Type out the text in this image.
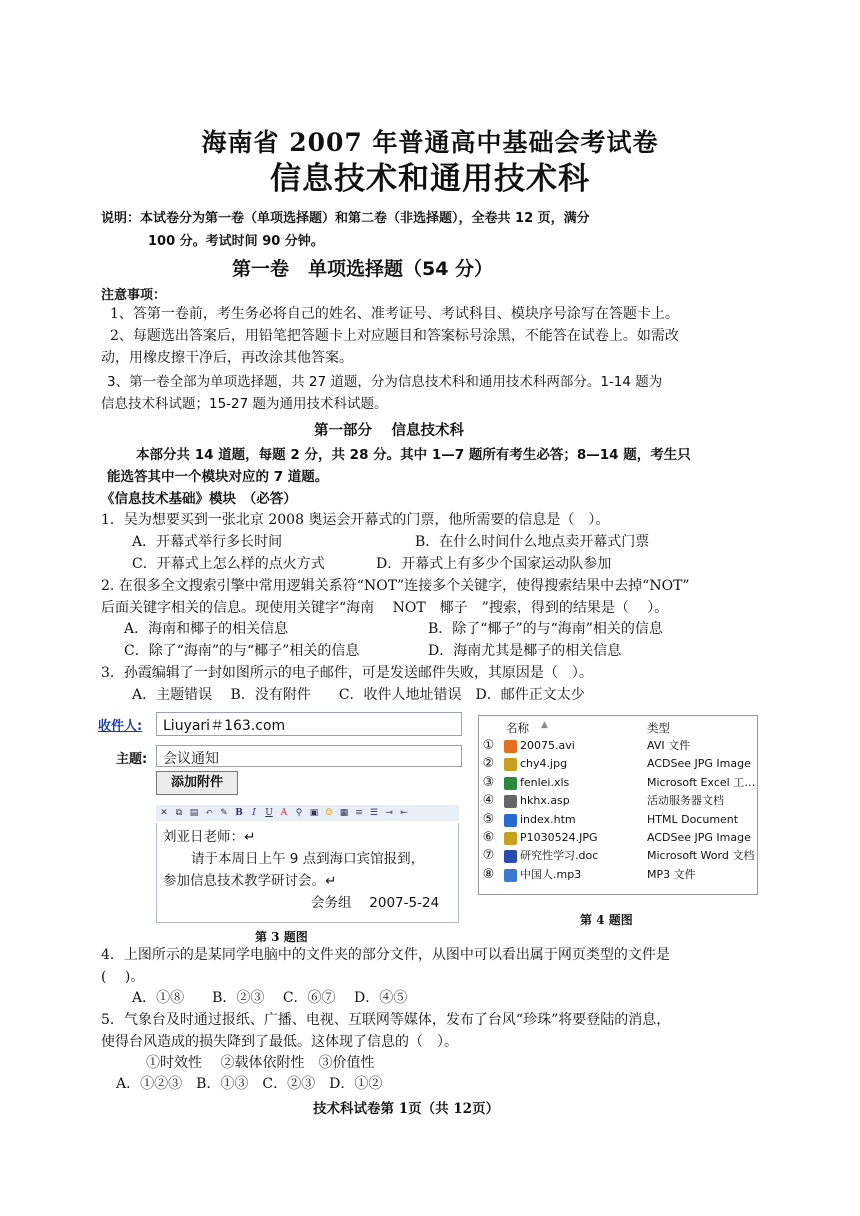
海南省 2007 年普通高中基础会考试卷
信息技术和通用技术科
说明：本试卷分为第一卷（单项选择题）和第二卷（非选择题），全卷共 12 页，满分
100 分。考试时间 90 分钟。
第一卷　单项选择题（54 分）
注意事项：
1、答第一卷前，考生务必将自己的姓名、准考证号、考试科目、模块序号涂写在答题卡上。
2、每题选出答案后，用铅笔把答题卡上对应题目和答案标号涂黑，不能答在试卷上。如需改
动，用橡皮擦干净后，再改涂其他答案。
3、第一卷全部为单项选择题，共 27 道题，分为信息技术科和通用技术科两部分。1-14 题为
信息技术科试题；15-27 题为通用技术科试题。
第一部分　 信息技术科
本部分共 14 道题，每题 2 分，共 28 分。其中 1—7 题所有考生必答；8—14 题，考生只
能选答其中一个模块对应的 7 道题。
《信息技术基础》模块　（必答）
1．吴为想要买到一张北京 2008 奥运会开幕式的门票，他所需要的信息是（　）。
A．开幕式举行多长时间	B．在什么时间什么地点卖开幕式门票
C．开幕式上怎么样的点火方式	D．开幕式上有多少个国家运动队参加
2. 在很多全文搜索引擎中常用逻辑关系符“NOT”连接多个关键字，使得搜索结果中去掉“NOT”
后面关键字相关的信息。现使用关键字“海南　 NOT　椰子　”搜索，得到的结果是（　 ）。
A．海南和椰子的相关信息	B．除了“椰子”的与“海南”相关的信息
C．除了“海南”的与“椰子”相关的信息	D．海南尤其是椰子的相关信息
3．孙霞编辑了一封如图所示的电子邮件，可是发送邮件失败，其原因是（　）。
A．主题错误　 B．没有附件　　C．收件人地址错误　D．邮件正文太少
收件人:	Liuyari＃163.com
主题:	会议通知
添加附件
✕ ⧉ ▤ ↶ ✎ B	I	U A ⚲ ▣ ☺ ▦ ≡ ☰ ⇥ ⇤
刘亚日老师：↵
请于本周日上午 9 点到海口宾馆报到，
参加信息技术教学研讨会。↵
会务组　 2007-5-24
名称 ▲	类型
① 20075.avi	AVI 文件
② chy4.jpg	ACDSee JPG Image
③ fenlei.xls	Microsoft Excel 工…
④ hkhx.asp	活动服务器文档
⑤ index.htm	HTML Document
⑥ P1030524.JPG	ACDSee JPG Image
⑦ 研究性学习.doc	Microsoft Word 文档
⑧ 中国人.mp3	MP3 文件
第 3 题图
第 4 题图
4．上图所示的是某同学电脑中的文件夹的部分文件，从图中可以看出属于网页类型的文件是
(　 )。
A．①⑧　　B．②③　 C．⑥⑦　 D．④⑤
5．气象台及时通过报纸、广播、电视、互联网等媒体，发布了台风“珍珠”将要登陆的消息，
使得台风造成的损失降到了最低。这体现了信息的（　）。
①时效性　 ②载体依附性　③价值性
A．①②③　B．①③　C．②③　D．①②
技术科试卷第 1页（共 12页）
